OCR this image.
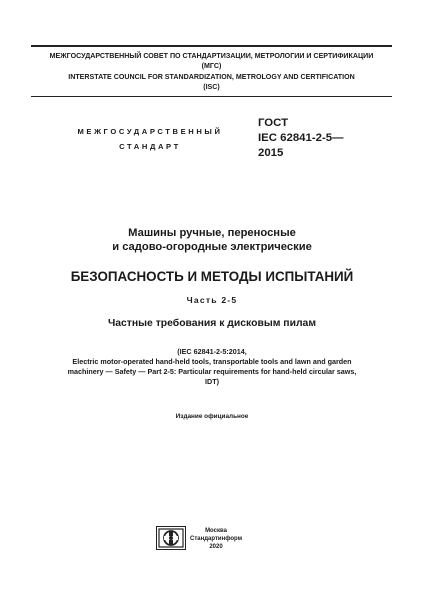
МЕЖГОСУДАРСТВЕННЫЙ СОВЕТ ПО СТАНДАРТИЗАЦИИ, МЕТРОЛОГИИ И СЕРТИФИКАЦИИ
(МГС)
INTERSTATE COUNCIL FOR STANDARDIZATION, METROLOGY AND CERTIFICATION
(ISC)
МЕЖГОСУДАРСТВЕННЫЙ
СТАНДАРТ
ГОСТ
IEC 62841-2-5—
2015
Машины ручные, переносные
и садово-огородные электрические
БЕЗОПАСНОСТЬ И МЕТОДЫ ИСПЫТАНИЙ
Часть 2-5
Частные требования к дисковым пилам
(IEC 62841-2-5:2014,
Electric motor-operated hand-held tools, transportable tools and lawn and garden
machinery — Safety — Part 2-5: Particular requirements for hand-held circular saws,
IDT)
Издание официальное
Москва
Стандартинформ
2020
